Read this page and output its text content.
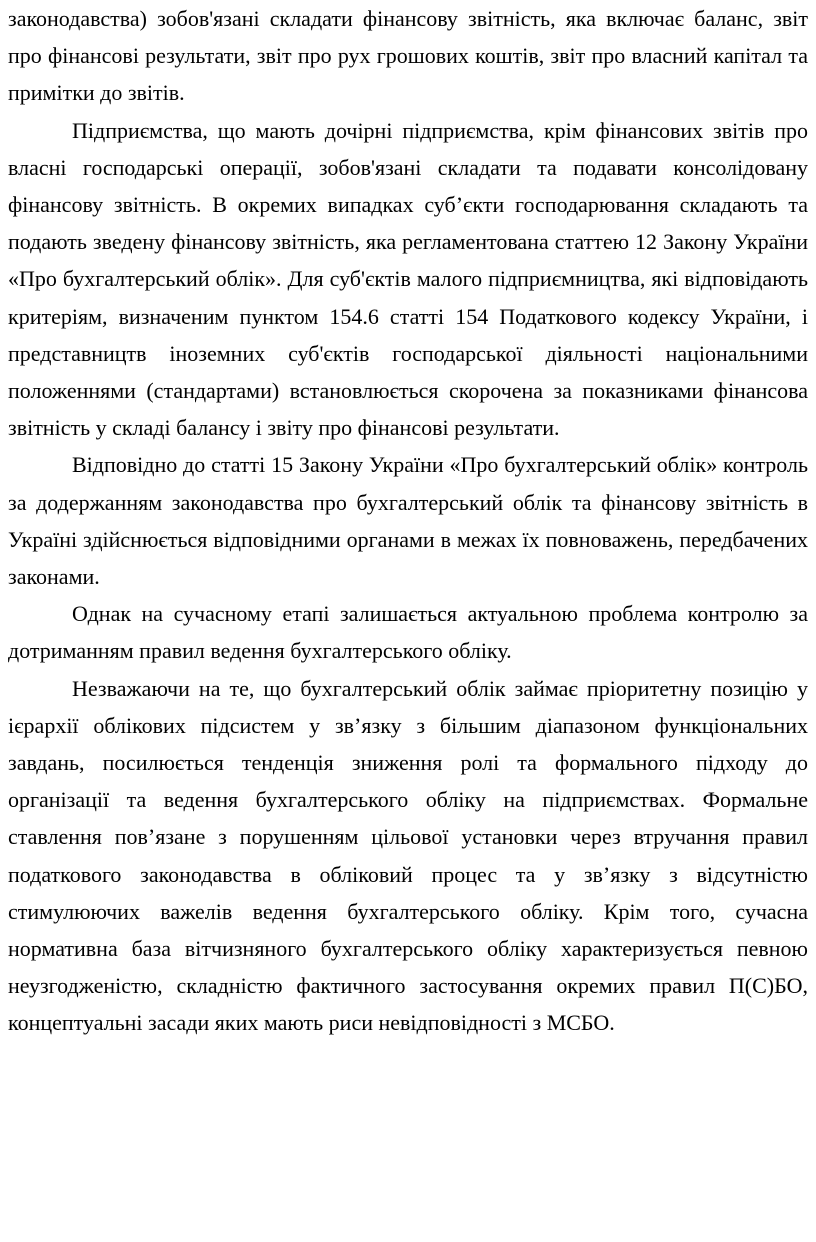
законодавства) зобов'язані складати фінансову звітність, яка включає баланс, звіт про фінансові результати, звіт про рух грошових коштів, звіт про власний капітал та примітки до звітів.

Підприємства, що мають дочірні підприємства, крім фінансових звітів про власні господарські операції, зобов'язані складати та подавати консолідовану фінансову звітність. В окремих випадках суб’єкти господарювання складають та подають зведену фінансову звітність, яка регламентована статтею 12 Закону України «Про бухгалтерський облік». Для суб'єктів малого підприємництва, які відповідають критеріям, визначеним пунктом 154.6 статті 154 Податкового кодексу України, і представництв іноземних суб'єктів господарської діяльності національними положеннями (стандартами) встановлюється скорочена за показниками фінансова звітність у складі балансу і звіту про фінансові результати.

Відповідно до статті 15 Закону України «Про бухгалтерський облік» контроль за додержанням законодавства про бухгалтерський облік та фінансову звітність в Україні здійснюється відповідними органами в межах їх повноважень, передбачених законами.

Однак на сучасному етапі залишається актуальною проблема контролю за дотриманням правил ведення бухгалтерського обліку.

Незважаючи на те, що бухгалтерський облік займає пріоритетну позицію у ієрархії облікових підсистем у зв’язку з більшим діапазоном функціональних завдань, посилюється тенденція зниження ролі та формального підходу до організації та ведення бухгалтерського обліку на підприємствах. Формальне ставлення пов’язане з порушенням цільової установки через втручання правил податкового законодавства в обліковий процес та у зв’язку з відсутністю стимулюючих важелів ведення бухгалтерського обліку. Крім того, сучасна нормативна база вітчизняного бухгалтерського обліку характеризується певною неузгодженістю, складністю фактичного застосування окремих правил П(С)БО, концептуальні засади яких мають риси невідповідності з МСБО.
